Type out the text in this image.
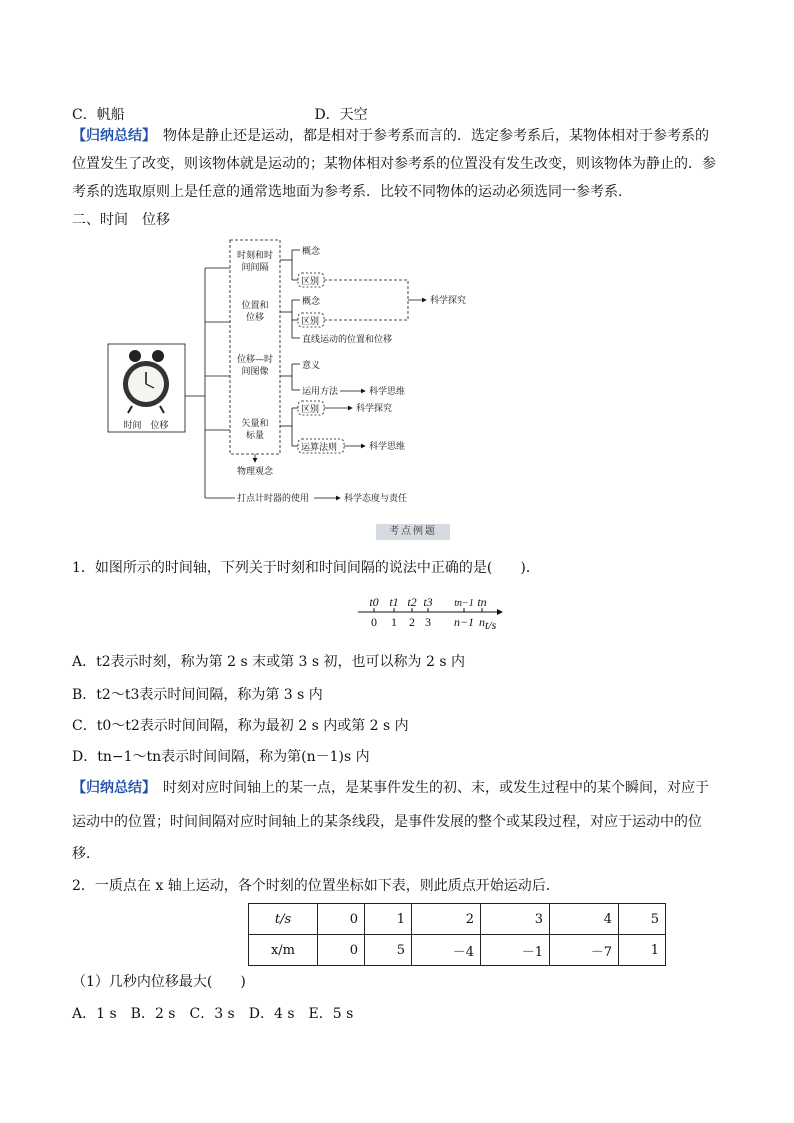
C．帆船	D．天空
【归纳总结】　物体是静止还是运动，都是相对于参考系而言的．选定参考系后，某物体相对于参考系的
位置发生了改变，则该物体就是运动的；某物体相对参考系的位置没有发生改变，则该物体为静止的．参
考系的选取原则上是任意的通常选地面为参考系．比较不同物体的运动必须选同一参考系．
二、时间　位移
时间　位移
时刻和时
间间隔
位置和
位移
位移—时
间图像
矢量和
标量
概念
区别
概念
区别
直线运动的位置和位移
科学探究
意义
运用方法	科学思维
区别	科学探究
运算法则	科学思维
物理观念
打点计时器的使用	科学态度与责任
考点例题
1．如图所示的时间轴，下列关于时刻和时间间隔的说法中正确的是(　　)．
t0 t1 t2 t3 tn−1 tn
0 1 2 3 n−1 n t/s
A．t2表示时刻，称为第 2 s 末或第 3 s 初，也可以称为 2 s 内
B．t2～t3表示时间间隔，称为第 3 s 内
C．t0～t2表示时间间隔，称为最初 2 s 内或第 2 s 内
D．tn−1～tn表示时间间隔，称为第(n－1)s 内
【归纳总结】　时刻对应时间轴上的某一点，是某事件发生的初、末，或发生过程中的某个瞬间，对应于
运动中的位置；时间间隔对应时间轴上的某条线段，是事件发展的整个或某段过程，对应于运动中的位
移．
2．一质点在 x 轴上运动，各个时刻的位置坐标如下表，则此质点开始运动后．
t/s	0	1	2	3	4	5
x/m	0	5	－4	－1	－7	1
（1）几秒内位移最大(　　)
A．1 s　B．2 s　C．3 s　D．4 s　E．5 s
